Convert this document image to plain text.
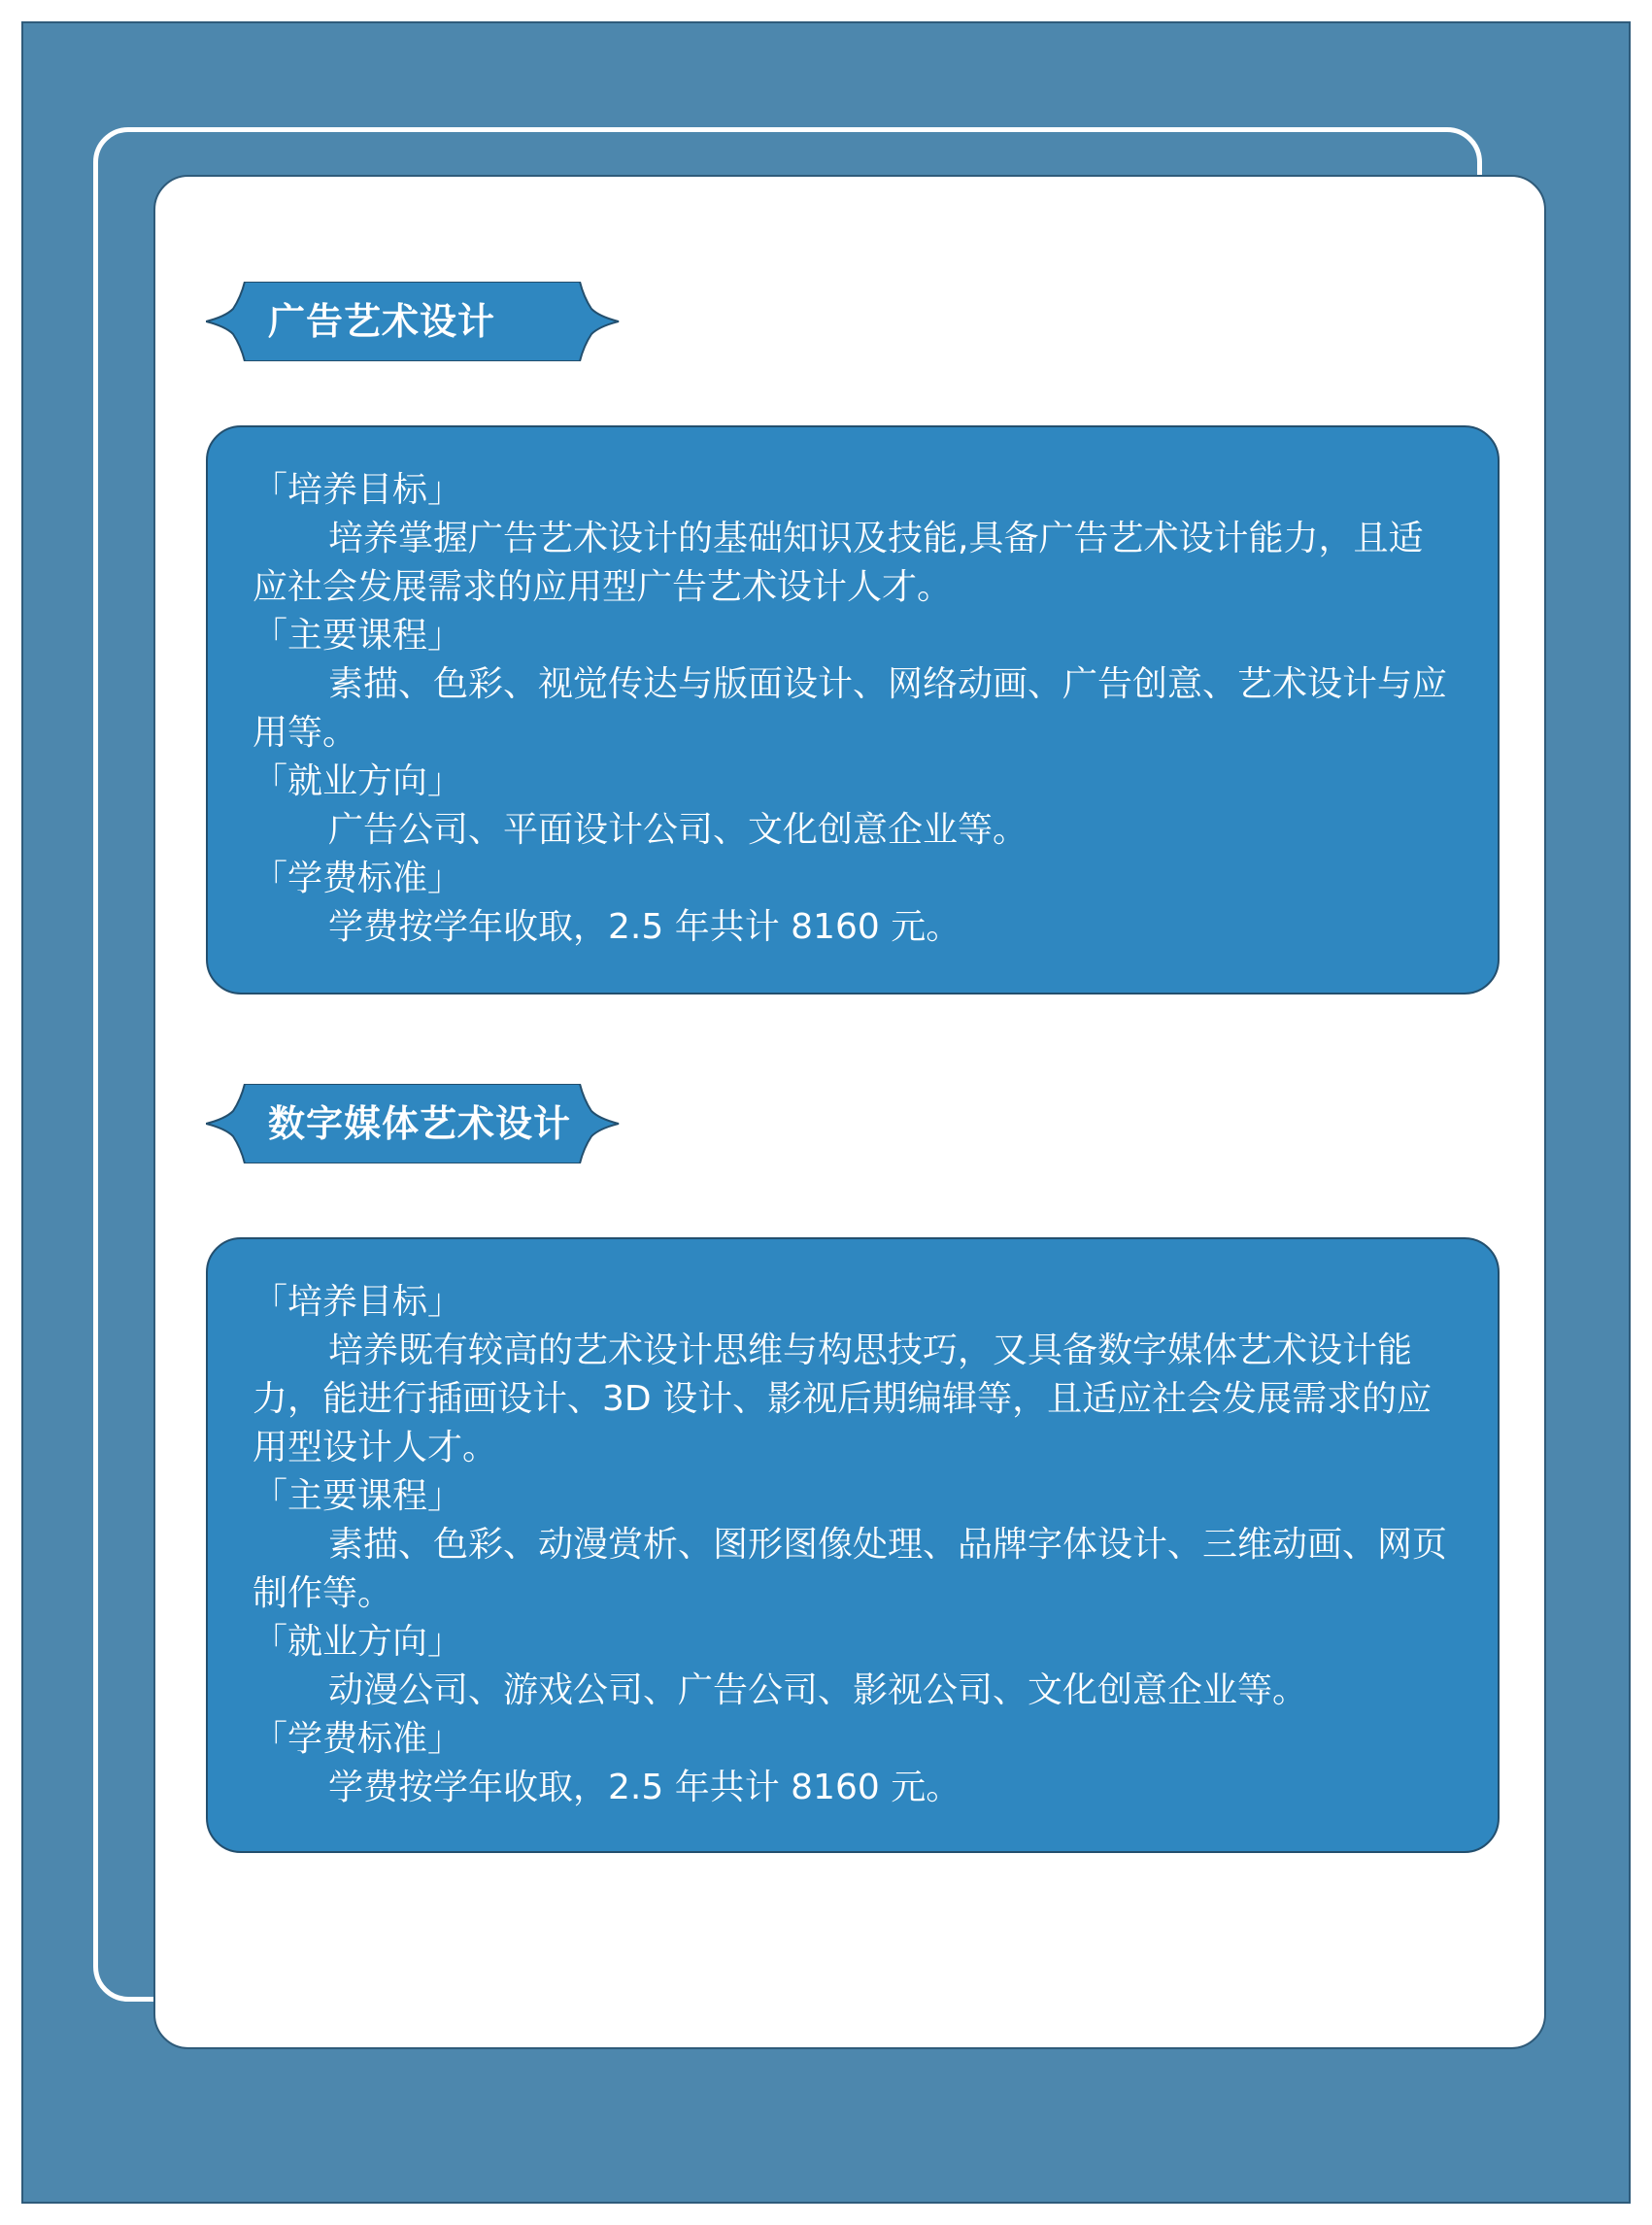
广告艺术设计
「培养目标」
培养掌握广告艺术设计的基础知识及技能,具备广告艺术设计能力，且适应社会发展需求的应用型广告艺术设计人才。
「主要课程」
素描、色彩、视觉传达与版面设计、网络动画、广告创意、艺术设计与应用等。
「就业方向」
广告公司、平面设计公司、文化创意企业等。
「学费标准」
学费按学年收取，2.5 年共计 8160 元。
数字媒体艺术设计
「培养目标」
培养既有较高的艺术设计思维与构思技巧，又具备数字媒体艺术设计能力，能进行插画设计、3D 设计、影视后期编辑等，且适应社会发展需求的应用型设计人才。
「主要课程」
素描、色彩、动漫赏析、图形图像处理、品牌字体设计、三维动画、网页制作等。
「就业方向」
动漫公司、游戏公司、广告公司、影视公司、文化创意企业等。
「学费标准」
学费按学年收取，2.5 年共计 8160 元。
